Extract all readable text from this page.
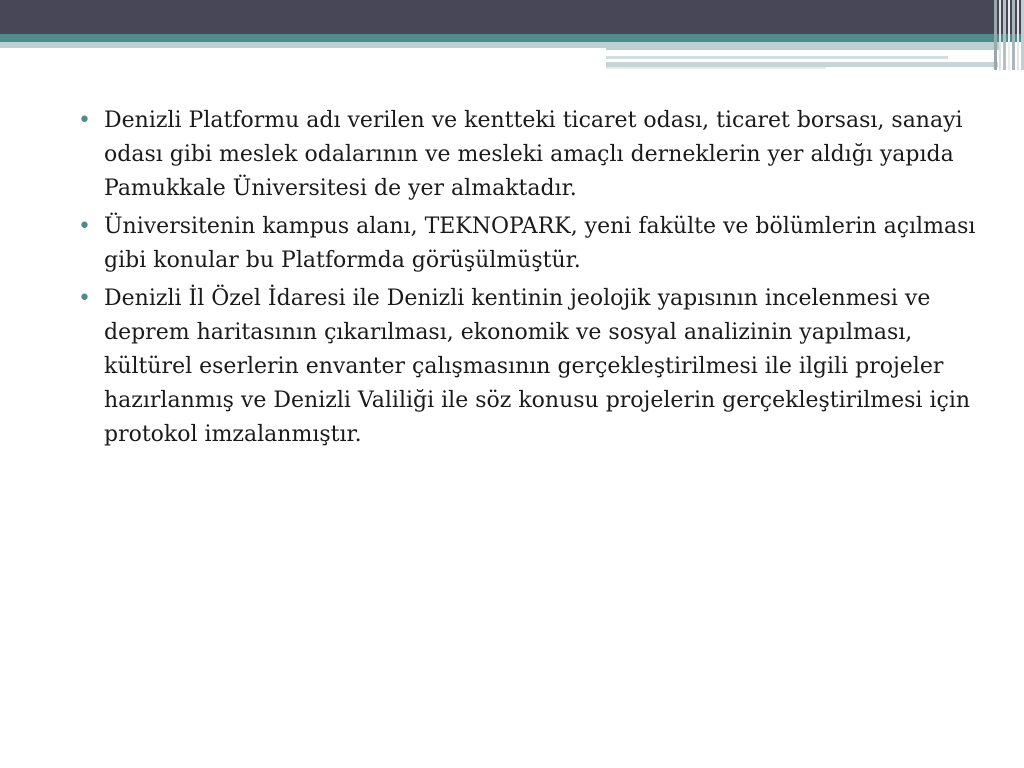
• Denizli Platformu adı verilen ve kentteki ticaret odası, ticaret borsası, sanayi odası gibi meslek odalarının ve mesleki amaçlı derneklerin yer aldığı yapıda Pamukkale Üniversitesi de yer almaktadır.
• Üniversitenin kampus alanı, TEKNOPARK, yeni fakülte ve bölümlerin açılması gibi konular bu Platformda görüşülmüştür.
• Denizli İl Özel İdaresi ile Denizli kentinin jeolojik yapısının incelenmesi ve deprem haritasının çıkarılması, ekonomik ve sosyal analizinin yapılması, kültürel eserlerin envanter çalışmasının gerçekleştirilmesi ile ilgili projeler hazırlanmış ve Denizli Valiliği ile söz konusu projelerin gerçekleştirilmesi için protokol imzalanmıştır.
